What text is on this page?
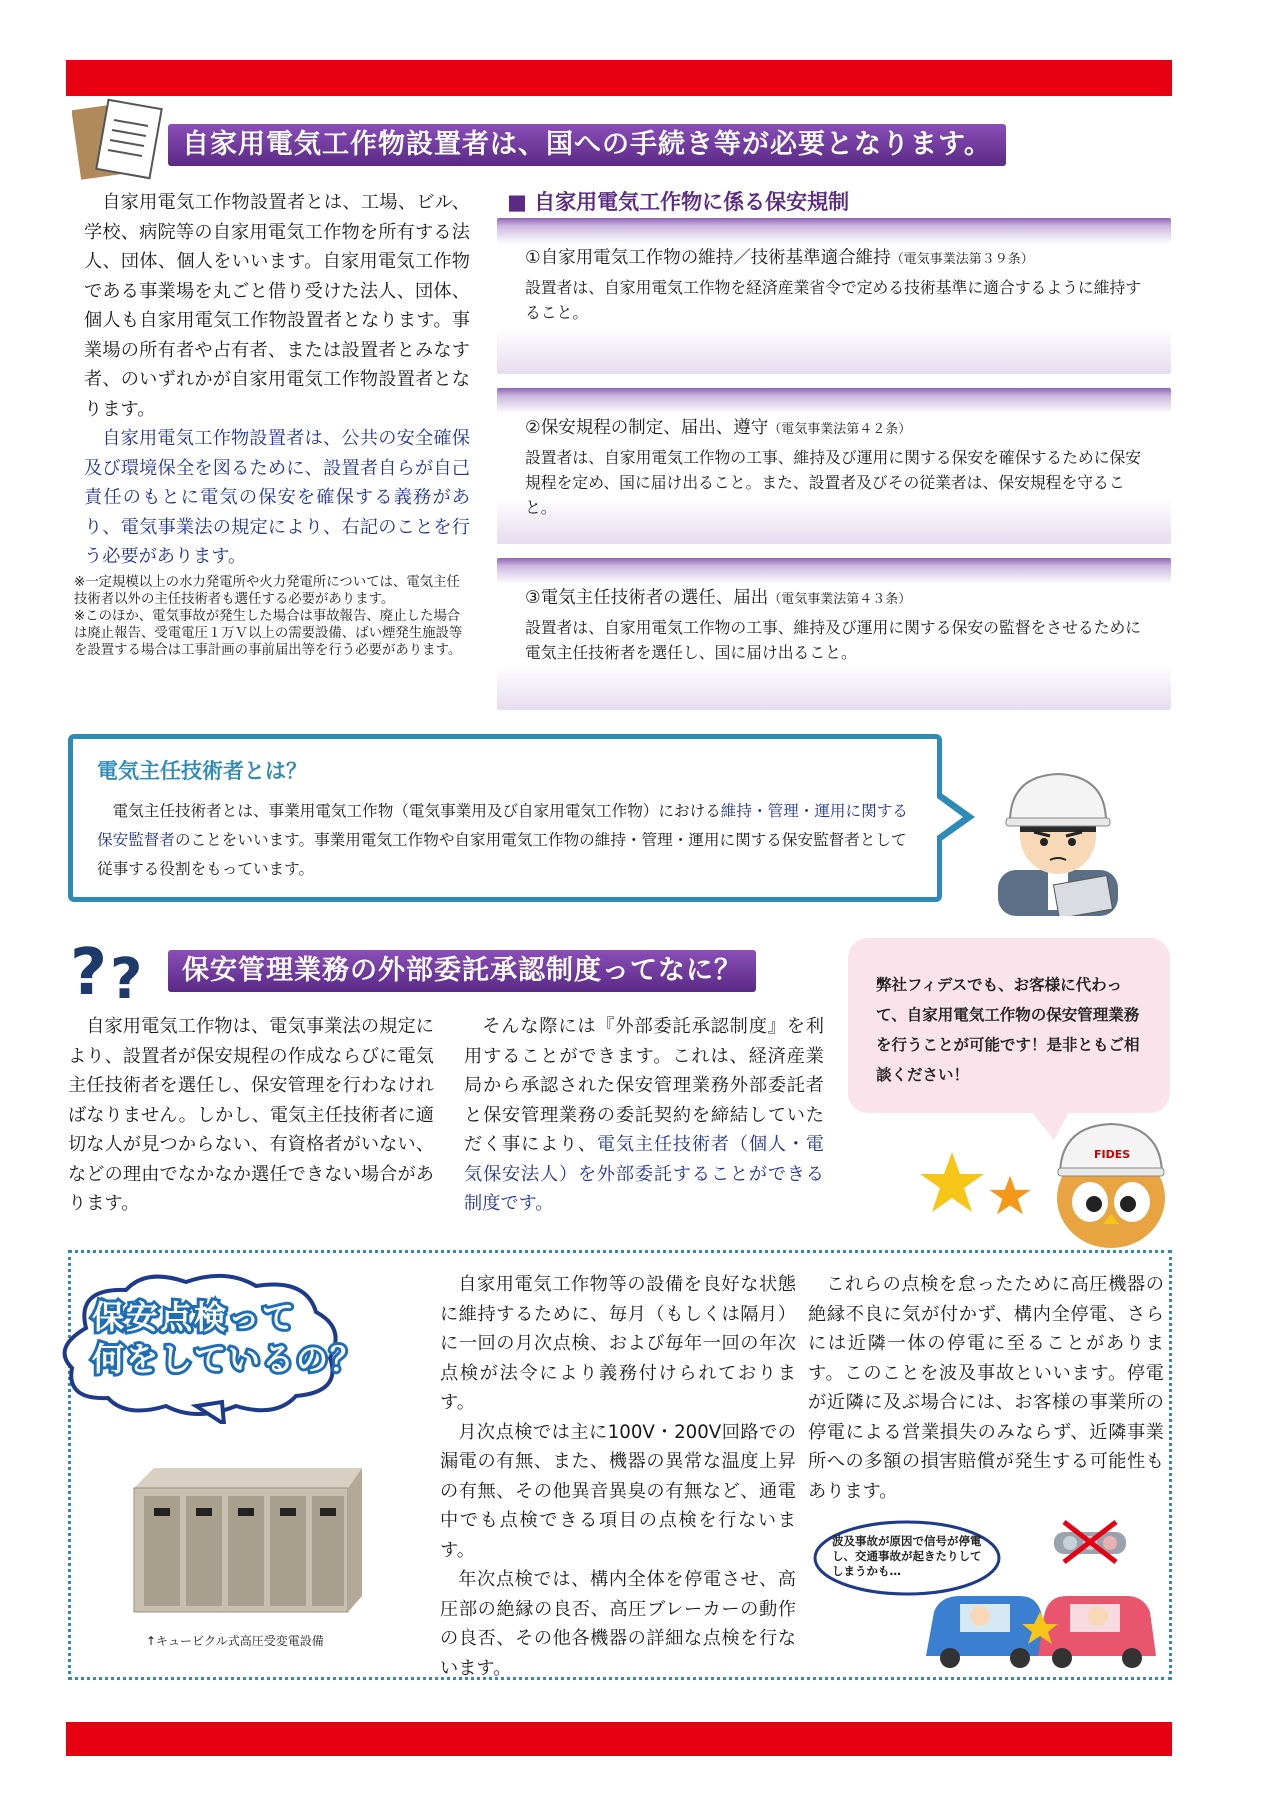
自家用電気工作物設置者は、国への手続き等が必要となります。

自家用電気工作物設置者とは、工場、ビル、学校、病院等の自家用電気工作物を所有する法人、団体、個人をいいます。自家用電気工作物である事業場を丸ごと借り受けた法人、団体、個人も自家用電気工作物設置者となります。事業場の所有者や占有者、または設置者とみなす者、のいずれかが自家用電気工作物設置者となります。

自家用電気工作物設置者は、公共の安全確保及び環境保全を図るために、設置者自らが自己責任のもとに電気の保安を確保する義務があり、電気事業法の規定により、右記のことを行う必要があります。

※一定規模以上の水力発電所や火力発電所については、電気主任技術者以外の主任技術者も選任する必要があります。

※このほか、電気事故が発生した場合は事故報告、廃止した場合は廃止報告、受電電圧１万Ｖ以上の需要設備、ばい煙発生施設等を設置する場合は工事計画の事前届出等を行う必要があります。

■ 自家用電気工作物に係る保安規制
①自家用電気工作物の維持／技術基準適合維持（電気事業法第３９条）
設置者は、自家用電気工作物を経済産業省令で定める技術基準に適合するように維持すること。
②保安規程の制定、届出、遵守（電気事業法第４２条）
設置者は、自家用電気工作物の工事、維持及び運用に関する保安を確保するために保安規程を定め、国に届け出ること。また、設置者及びその従業者は、保安規程を守ること。
③電気主任技術者の選任、届出（電気事業法第４３条）
設置者は、自家用電気工作物の工事、維持及び運用に関する保安の監督をさせるために電気主任技術者を選任し、国に届け出ること。
電気主任技術者とは？
電気主任技術者とは、事業用電気工作物（電気事業用及び自家用電気工作物）における維持・管理・運用に関する保安監督者のことをいいます。事業用電気工作物や自家用電気工作物の維持・管理・運用に関する保安監督者として従事する役割をもっています。
? ?	保安管理業務の外部委託承認制度ってなに？

自家用電気工作物は、電気事業法の規定により、設置者が保安規程の作成ならびに電気主任技術者を選任し、保安管理を行わなければなりません。しかし、電気主任技術者に適切な人が見つからない、有資格者がいない、などの理由でなかなか選任できない場合があります。

そんな際には『外部委託承認制度』を利用することができます。これは、経済産業局から承認された保安管理業務外部委託者と保安管理業務の委託契約を締結していただく事により、電気主任技術者（個人・電気保安法人）を外部委託することができる制度です。

弊社フィデスでも、お客様に代わって、自家用電気工作物の保安管理業務を行うことが可能です！是非ともご相談ください！
FIDES
保安点検って
何をしているの？
↑キュービクル式高圧受変電設備

自家用電気工作物等の設備を良好な状態に維持するために、毎月（もしくは隔月）に一回の月次点検、および毎年一回の年次点検が法令により義務付けられております。

月次点検では主に100V・200V回路での漏電の有無、また、機器の異常な温度上昇の有無、その他異音異臭の有無など、通電中でも点検できる項目の点検を行ないます。

年次点検では、構内全体を停電させ、高圧部の絶縁の良否、高圧ブレーカーの動作の良否、その他各機器の詳細な点検を行ないます。

これらの点検を怠ったために高圧機器の絶縁不良に気が付かず、構内全停電、さらには近隣一体の停電に至ることがあります。このことを波及事故といいます。停電が近隣に及ぶ場合には、お客様の事業所の停電による営業損失のみならず、近隣事業所への多額の損害賠償が発生する可能性もあります。

波及事故が原因で信号が停電し、交通事故が起きたりしてしまうかも…
